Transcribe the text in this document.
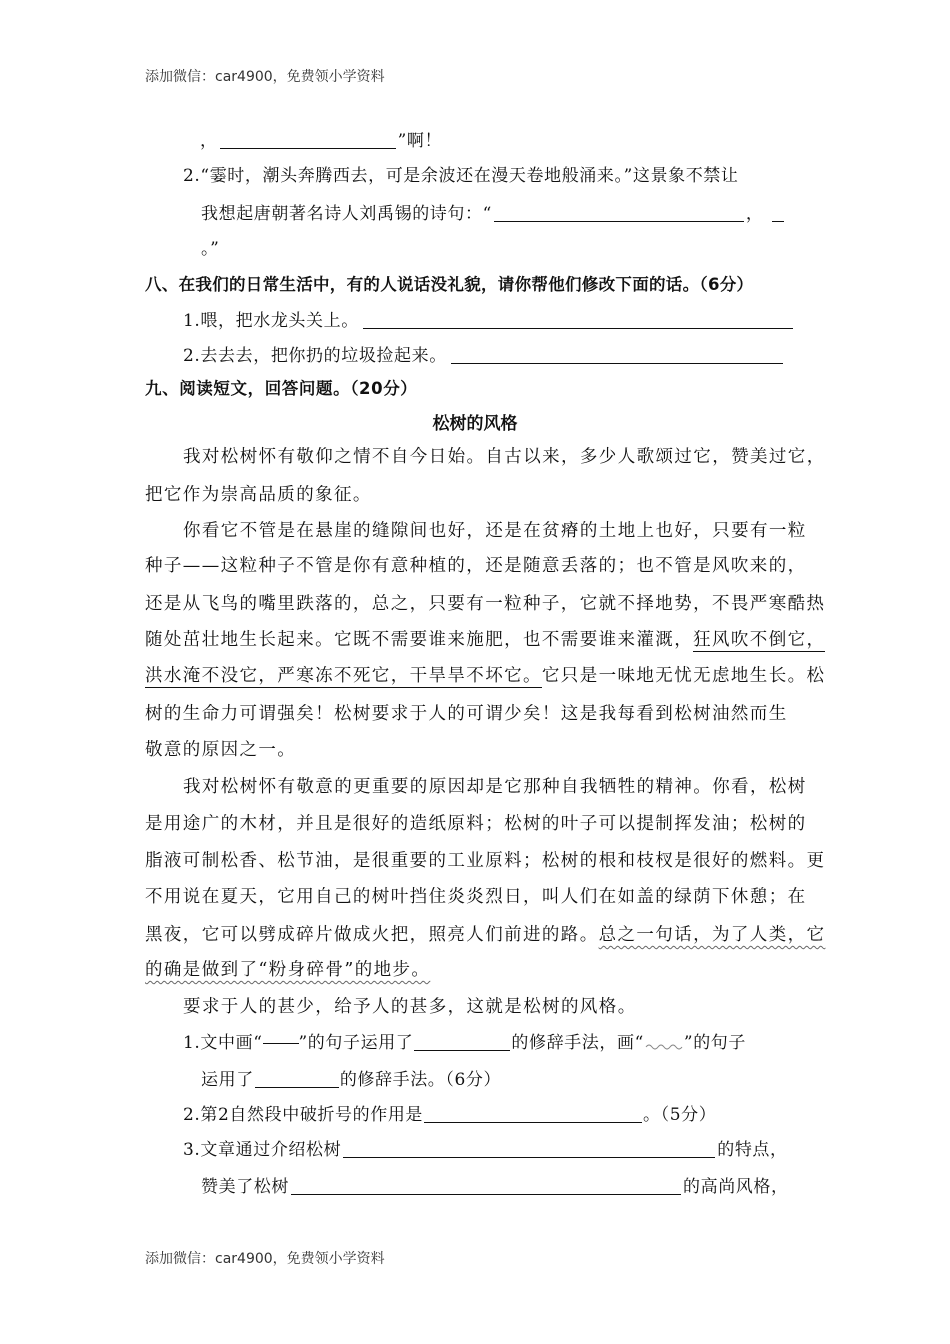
添加微信：car4900，免费领小学资料
，	”啊！
2.“霎时，潮头奔腾西去，可是余波还在漫天卷地般涌来。”这景象不禁让
我想起唐朝著名诗人刘禹锡的诗句：“	，
。”
八、在我们的日常生活中，有的人说话没礼貌，请你帮他们修改下面的话。（6分）
1.喂，把水龙头关上。
2.去去去，把你扔的垃圾捡起来。
九、阅读短文，回答问题。（20分）
松树的风格
我对松树怀有敬仰之情不自今日始。自古以来，多少人歌颂过它，赞美过它，
把它作为崇高品质的象征。
你看它不管是在悬崖的缝隙间也好，还是在贫瘠的土地上也好，只要有一粒
种子——这粒种子不管是你有意种植的，还是随意丢落的；也不管是风吹来的，
还是从飞鸟的嘴里跌落的，总之，只要有一粒种子，它就不择地势，不畏严寒酷热
随处茁壮地生长起来。它既不需要谁来施肥，也不需要谁来灌溉，狂风吹不倒它，
洪水淹不没它，严寒冻不死它，干旱旱不坏它。它只是一味地无忧无虑地生长。松
树的生命力可谓强矣！松树要求于人的可谓少矣！这是我每看到松树油然而生
敬意的原因之一。
我对松树怀有敬意的更重要的原因却是它那种自我牺牲的精神。你看，松树
是用途广的木材，并且是很好的造纸原料；松树的叶子可以提制挥发油；松树的
脂液可制松香、松节油，是很重要的工业原料；松树的根和枝杈是很好的燃料。更
不用说在夏天，它用自己的树叶挡住炎炎烈日，叫人们在如盖的绿荫下休憩；在
黑夜，它可以劈成碎片做成火把，照亮人们前进的路。总之一句话，为了人类，它
的确是做到了“粉身碎骨”的地步。
要求于人的甚少，给予人的甚多，这就是松树的风格。
1.文中画“ ”的句子运用了	的修辞手法，画“ ”的句子
运用了	的修辞手法。（6分）
2.第2自然段中破折号的作用是	。（5分）
3.文章通过介绍松树	的特点，
赞美了松树	的高尚风格，
添加微信：car4900，免费领小学资料
